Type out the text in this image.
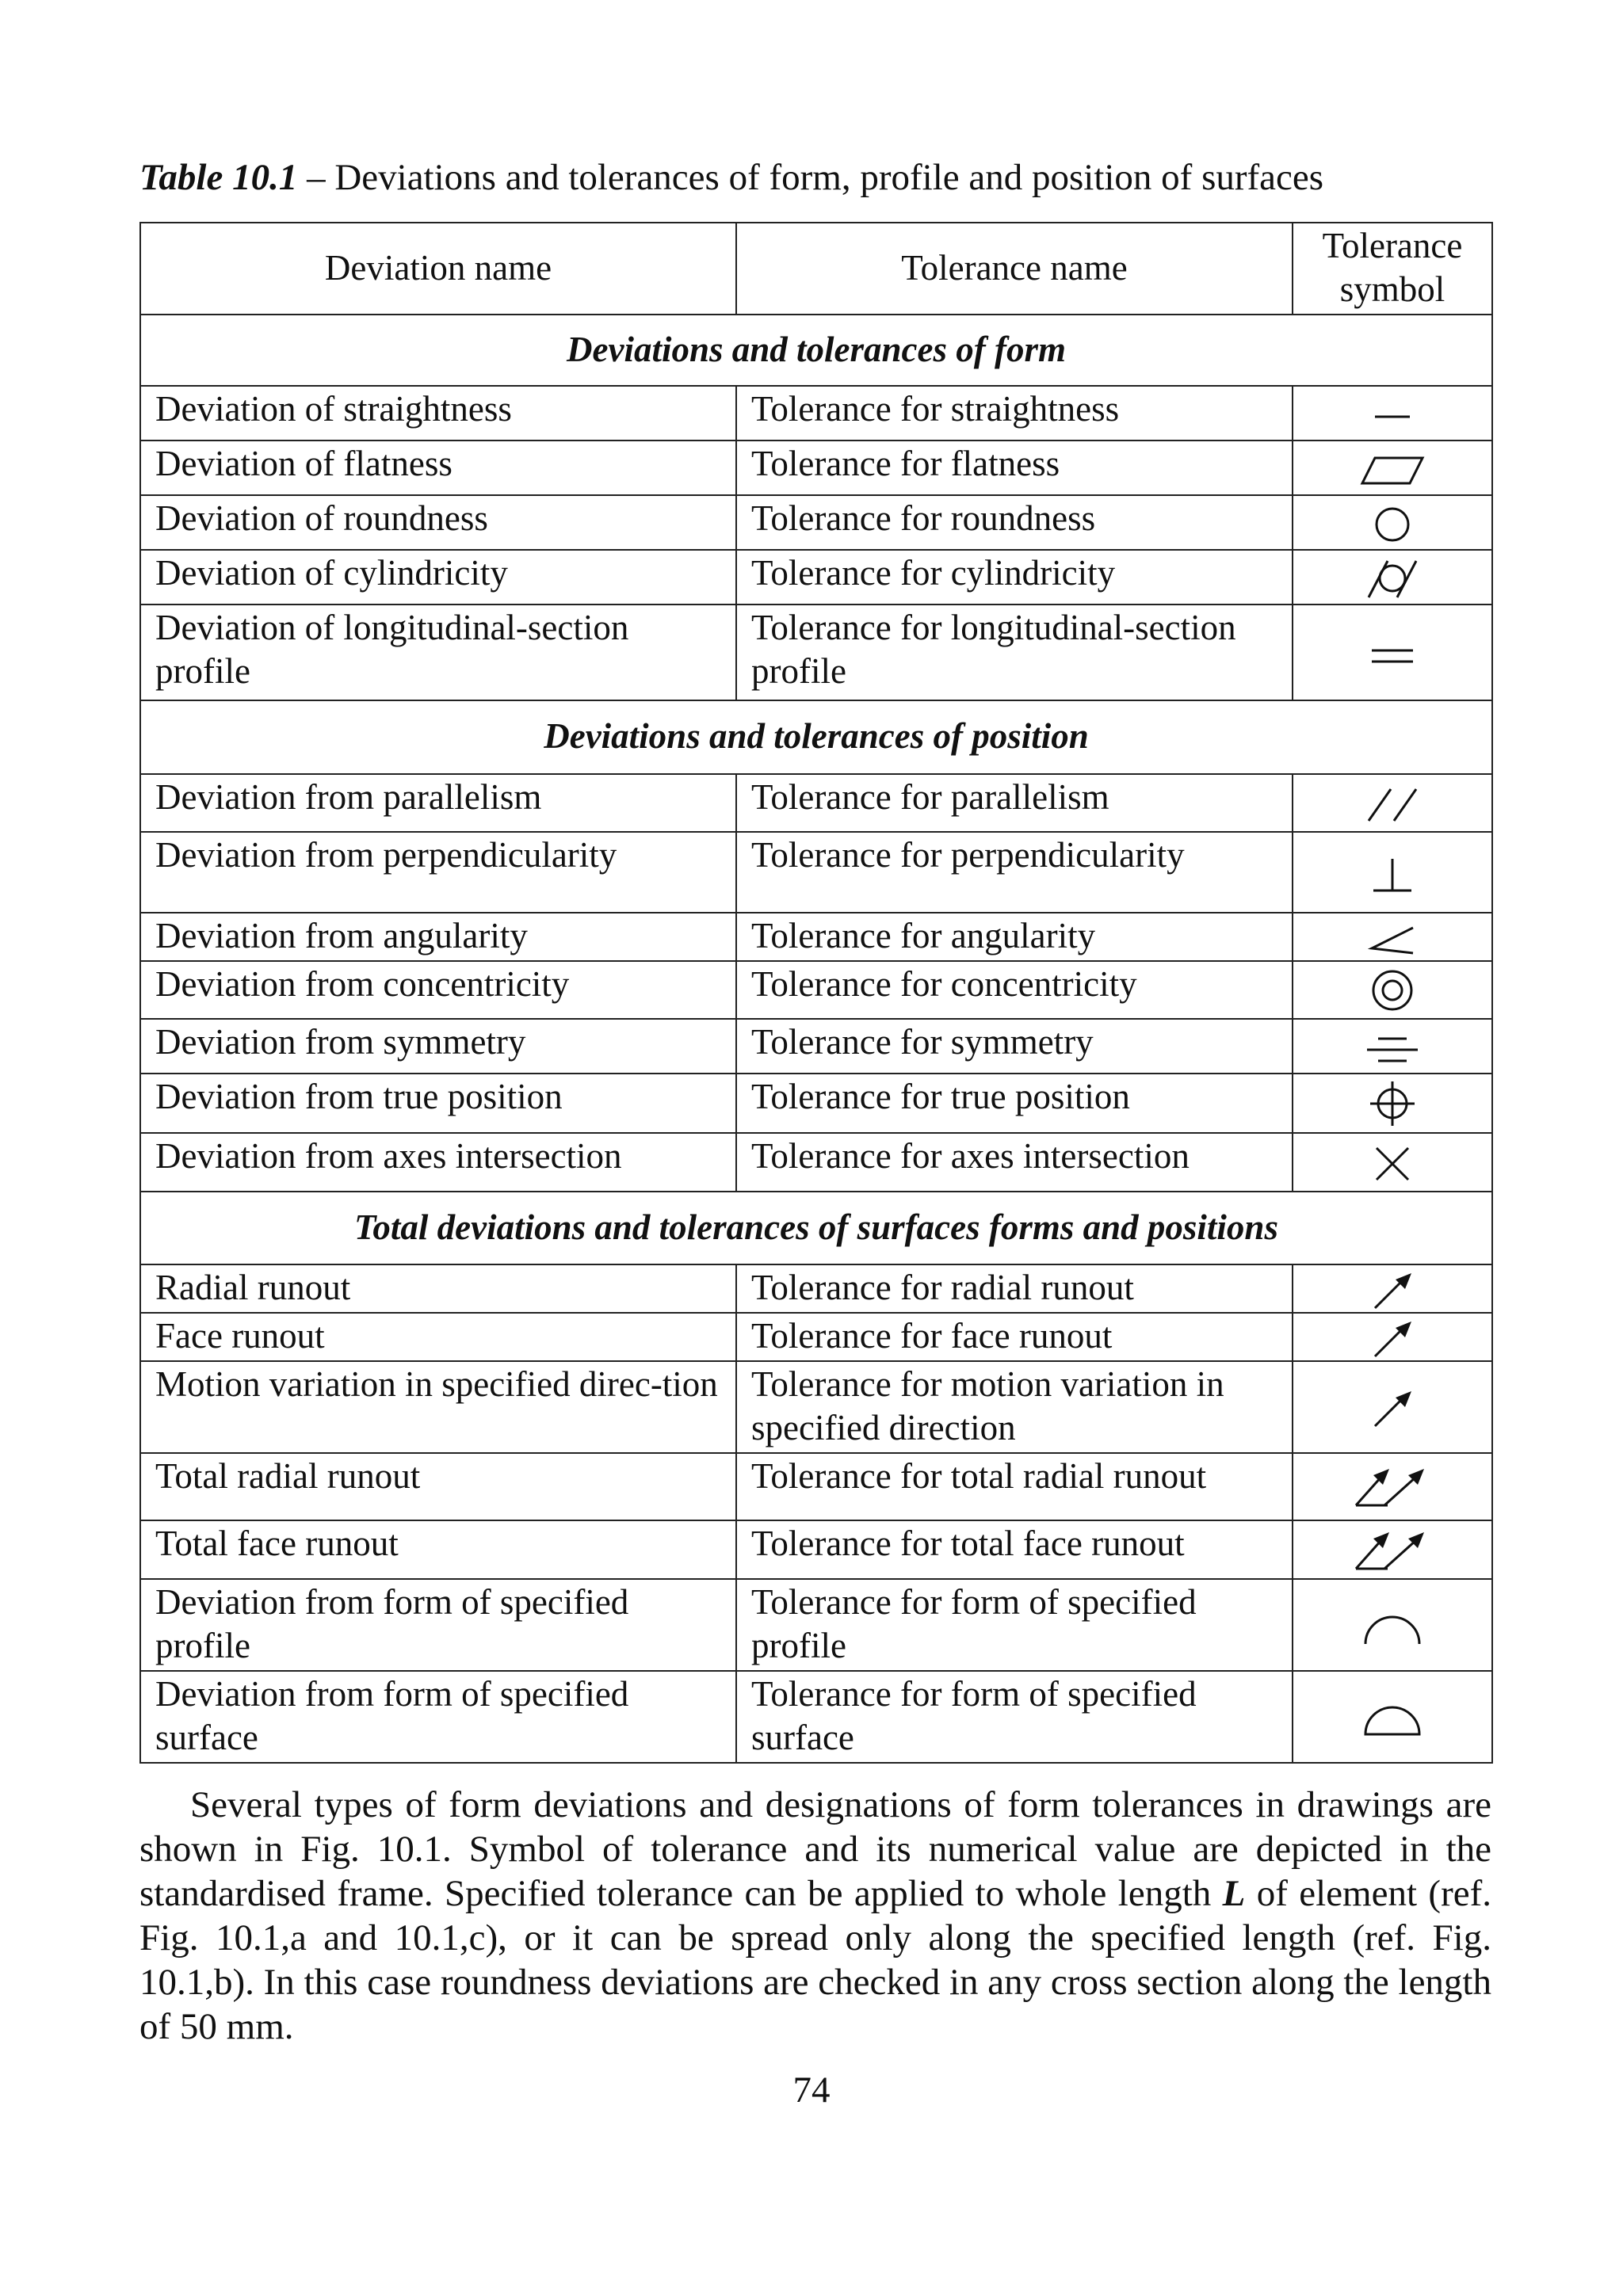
Table 10.1 – Deviations and tolerances of form, profile and position of surfaces
Deviation name	Tolerance name	Tolerance
symbol
Deviations and tolerances of form		
Deviation of straightness	Tolerance for straightness	
Deviation of flatness	Tolerance for flatness	
Deviation of roundness	Tolerance for roundness	
Deviation of cylindricity	Tolerance for cylindricity	
Deviation of longitudinal-section profile	Tolerance for longitudinal-section profile	
Deviations and tolerances of position		
Deviation from parallelism	Tolerance for parallelism	
Deviation from perpendicularity	Tolerance for perpendicularity	
Deviation from angularity	Tolerance for angularity	
Deviation from concentricity	Tolerance for concentricity	
Deviation from symmetry	Tolerance for symmetry	
Deviation from true position	Tolerance for true position	
Deviation from axes intersection	Tolerance for axes intersection	
Total deviations and tolerances of surfaces forms and positions		
Radial runout	Tolerance for radial runout	
Face runout	Tolerance for face runout	
Motion variation in specified direc-tion	Tolerance for motion variation in specified direction	
Total radial runout	Tolerance for total radial runout	
Total face runout	Tolerance for total face runout	
Deviation from form of specified profile	Tolerance for form of specified profile	
Deviation from form of specified surface	Tolerance for form of specified surface	

Several types of form deviations and designations of form tolerances in drawings are shown in Fig. 10.1. Symbol of tolerance and its numerical value are depicted in the standardised frame. Specified tolerance can be applied to whole length L of element (ref. Fig. 10.1,a and 10.1,c), or it can be spread only along the specified length (ref. Fig. 10.1,b). In this case roundness deviations are checked in any cross section along the length of 50 mm.

74
